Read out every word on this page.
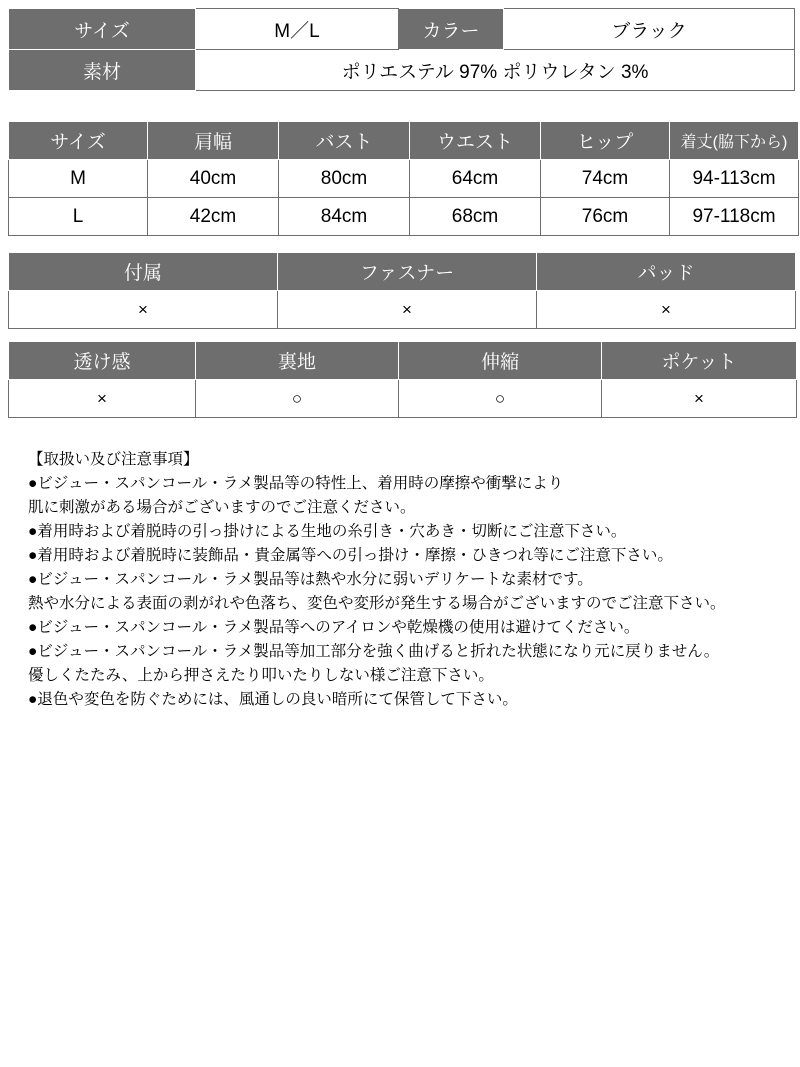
サイズ	M／L	カラー	ブラック
素材	ポリエステル 97% ポリウレタン 3%		
サイズ	肩幅	バスト	ウエスト	ヒップ	着丈(脇下から)
M	40cm	80cm	64cm	74cm	94-113cm
L	42cm	84cm	68cm	76cm	97-118cm
付属	ファスナー	パッド
×	×	×
透け感	裏地	伸縮	ポケット
×	○	○	×
【取扱い及び注意事項】
●ビジュー・スパンコール・ラメ製品等の特性上、着用時の摩擦や衝撃により
肌に刺激がある場合がございますのでご注意ください。
●着用時および着脱時の引っ掛けによる生地の糸引き・穴あき・切断にご注意下さい。
●着用時および着脱時に装飾品・貴金属等への引っ掛け・摩擦・ひきつれ等にご注意下さい。
●ビジュー・スパンコール・ラメ製品等は熱や水分に弱いデリケートな素材です。
熱や水分による表面の剥がれや色落ち、変色や変形が発生する場合がございますのでご注意下さい。
●ビジュー・スパンコール・ラメ製品等へのアイロンや乾燥機の使用は避けてください。
●ビジュー・スパンコール・ラメ製品等加工部分を強く曲げると折れた状態になり元に戻りません。
優しくたたみ、上から押さえたり叩いたりしない様ご注意下さい。
●退色や変色を防ぐためには、風通しの良い暗所にて保管して下さい。
